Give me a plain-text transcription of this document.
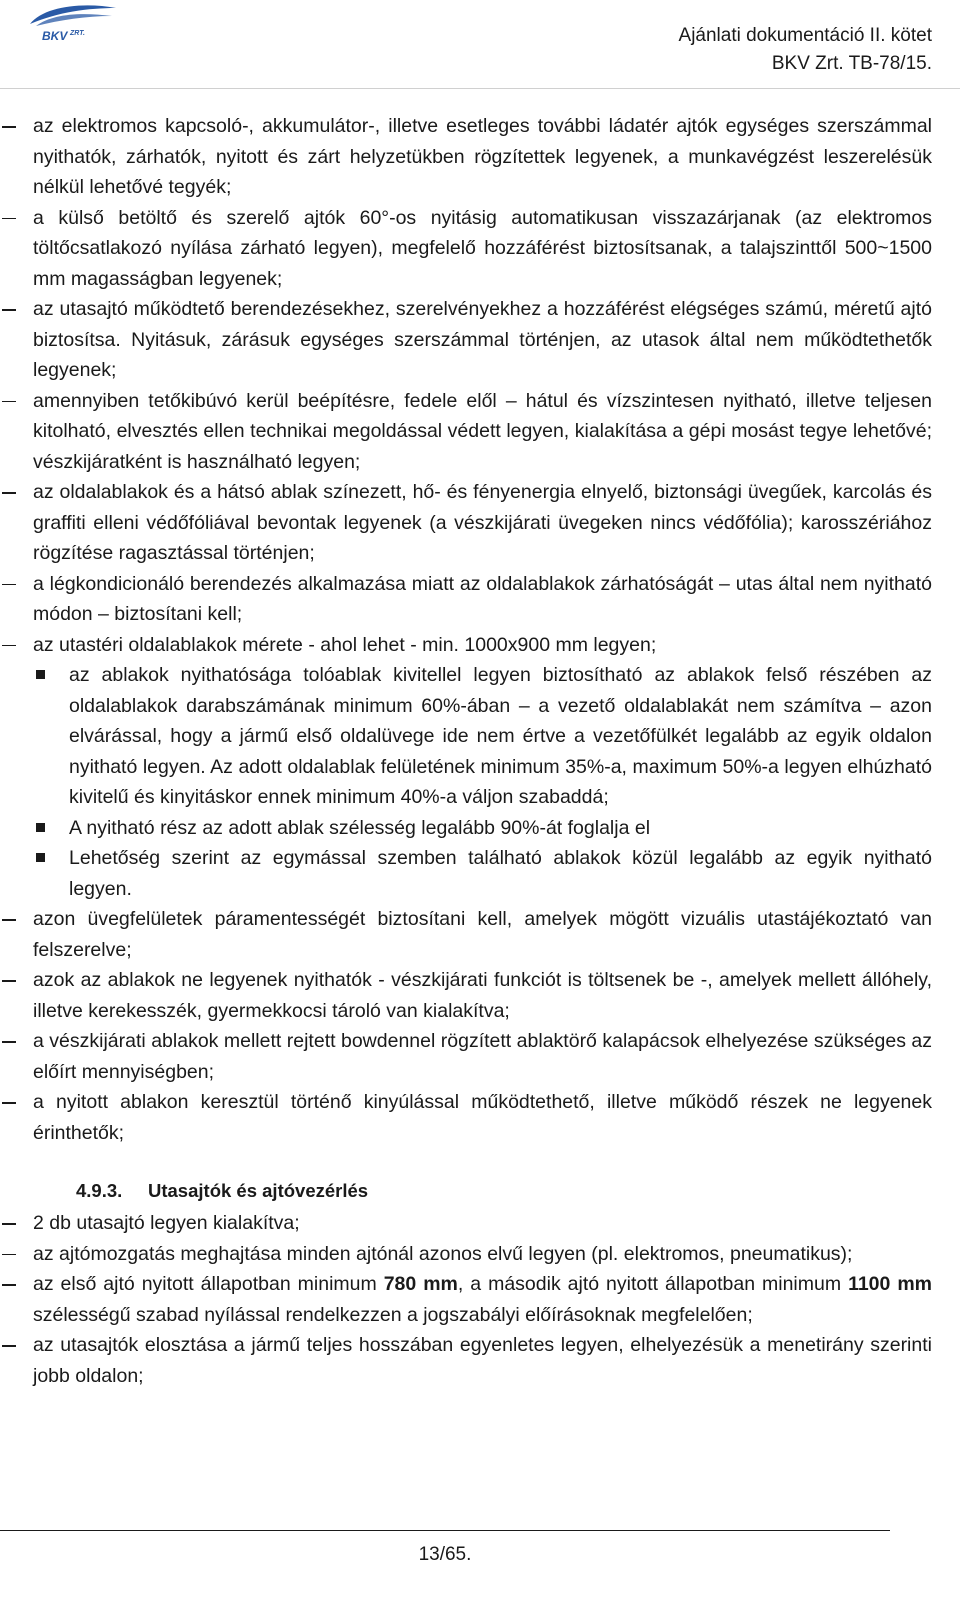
BKV ZRT.	Ajánlati dokumentáció II. kötet
BKV Zrt. TB-78/15.
az elektromos kapcsoló-, akkumulátor-, illetve esetleges további ládatér ajtók egységes szerszámmal nyithatók, zárhatók, nyitott és zárt helyzetükben rögzítettek legyenek, a munkavégzést leszerelésük nélkül lehetővé tegyék;
a külső betöltő és szerelő ajtók 60°-os nyitásig automatikusan visszazárjanak (az elektromos töltőcsatlakozó nyílása zárható legyen), megfelelő hozzáférést biztosítsanak, a talajszinttől 500~1500 mm magasságban legyenek;
az utasajtó működtető berendezésekhez, szerelvényekhez a hozzáférést elégséges számú, méretű ajtó biztosítsa. Nyitásuk, zárásuk egységes szerszámmal történjen, az utasok által nem működtethetők legyenek;
amennyiben tetőkibúvó kerül beépítésre, fedele elől – hátul és vízszintesen nyitható, illetve teljesen kitolható, elvesztés ellen technikai megoldással védett legyen, kialakítása a gépi mosást tegye lehetővé; vészkijáratként is használható legyen;
az oldalablakok és a hátsó ablak színezett, hő- és fényenergia elnyelő, biztonsági üvegűek, karcolás és graffiti elleni védőfóliával bevontak legyenek (a vészkijárati üvegeken nincs védőfólia); karosszériához rögzítése ragasztással történjen;
a légkondicionáló berendezés alkalmazása miatt az oldalablakok zárhatóságát – utas által nem nyitható módon – biztosítani kell;
az utastéri oldalablakok mérete - ahol lehet - min. 1000x900 mm legyen;
az ablakok nyithatósága tolóablak kivitellel legyen biztosítható az ablakok felső részében az oldalablakok darabszámának minimum 60%-ában – a vezető oldalablakát nem számítva – azon elvárással, hogy a jármű első oldalüvege ide nem értve a vezetőfülkét legalább az egyik oldalon nyitható legyen. Az adott oldalablak felületének minimum 35%-a, maximum 50%-a legyen elhúzható kivitelű és kinyitáskor ennek minimum 40%-a váljon szabaddá;
A nyitható rész az adott ablak szélesség legalább 90%-át foglalja el
Lehetőség szerint az egymással szemben található ablakok közül legalább az egyik nyitható legyen.
azon üvegfelületek páramentességét biztosítani kell, amelyek mögött vizuális utastájékoztató van felszerelve;
azok az ablakok ne legyenek nyithatók - vészkijárati funkciót is töltsenek be -, amelyek mellett állóhely, illetve kerekesszék, gyermekkocsi tároló van kialakítva;
a vészkijárati ablakok mellett rejtett bowdennel rögzített ablaktörő kalapácsok elhelyezése szükséges az előírt mennyiségben;
a nyitott ablakon keresztül történő kinyúlással működtethető, illetve működő részek ne legyenek érinthetők;
4.9.3. Utasajtók és ajtóvezérlés
2 db utasajtó legyen kialakítva;
az ajtómozgatás meghajtása minden ajtónál azonos elvű legyen (pl. elektromos, pneumatikus);
az első ajtó nyitott állapotban minimum 780 mm, a második ajtó nyitott állapotban minimum 1100 mm szélességű szabad nyílással rendelkezzen a jogszabályi előírásoknak megfelelően;
az utasajtók elosztása a jármű teljes hosszában egyenletes legyen, elhelyezésük a menetirány szerinti jobb oldalon;
13/65.
